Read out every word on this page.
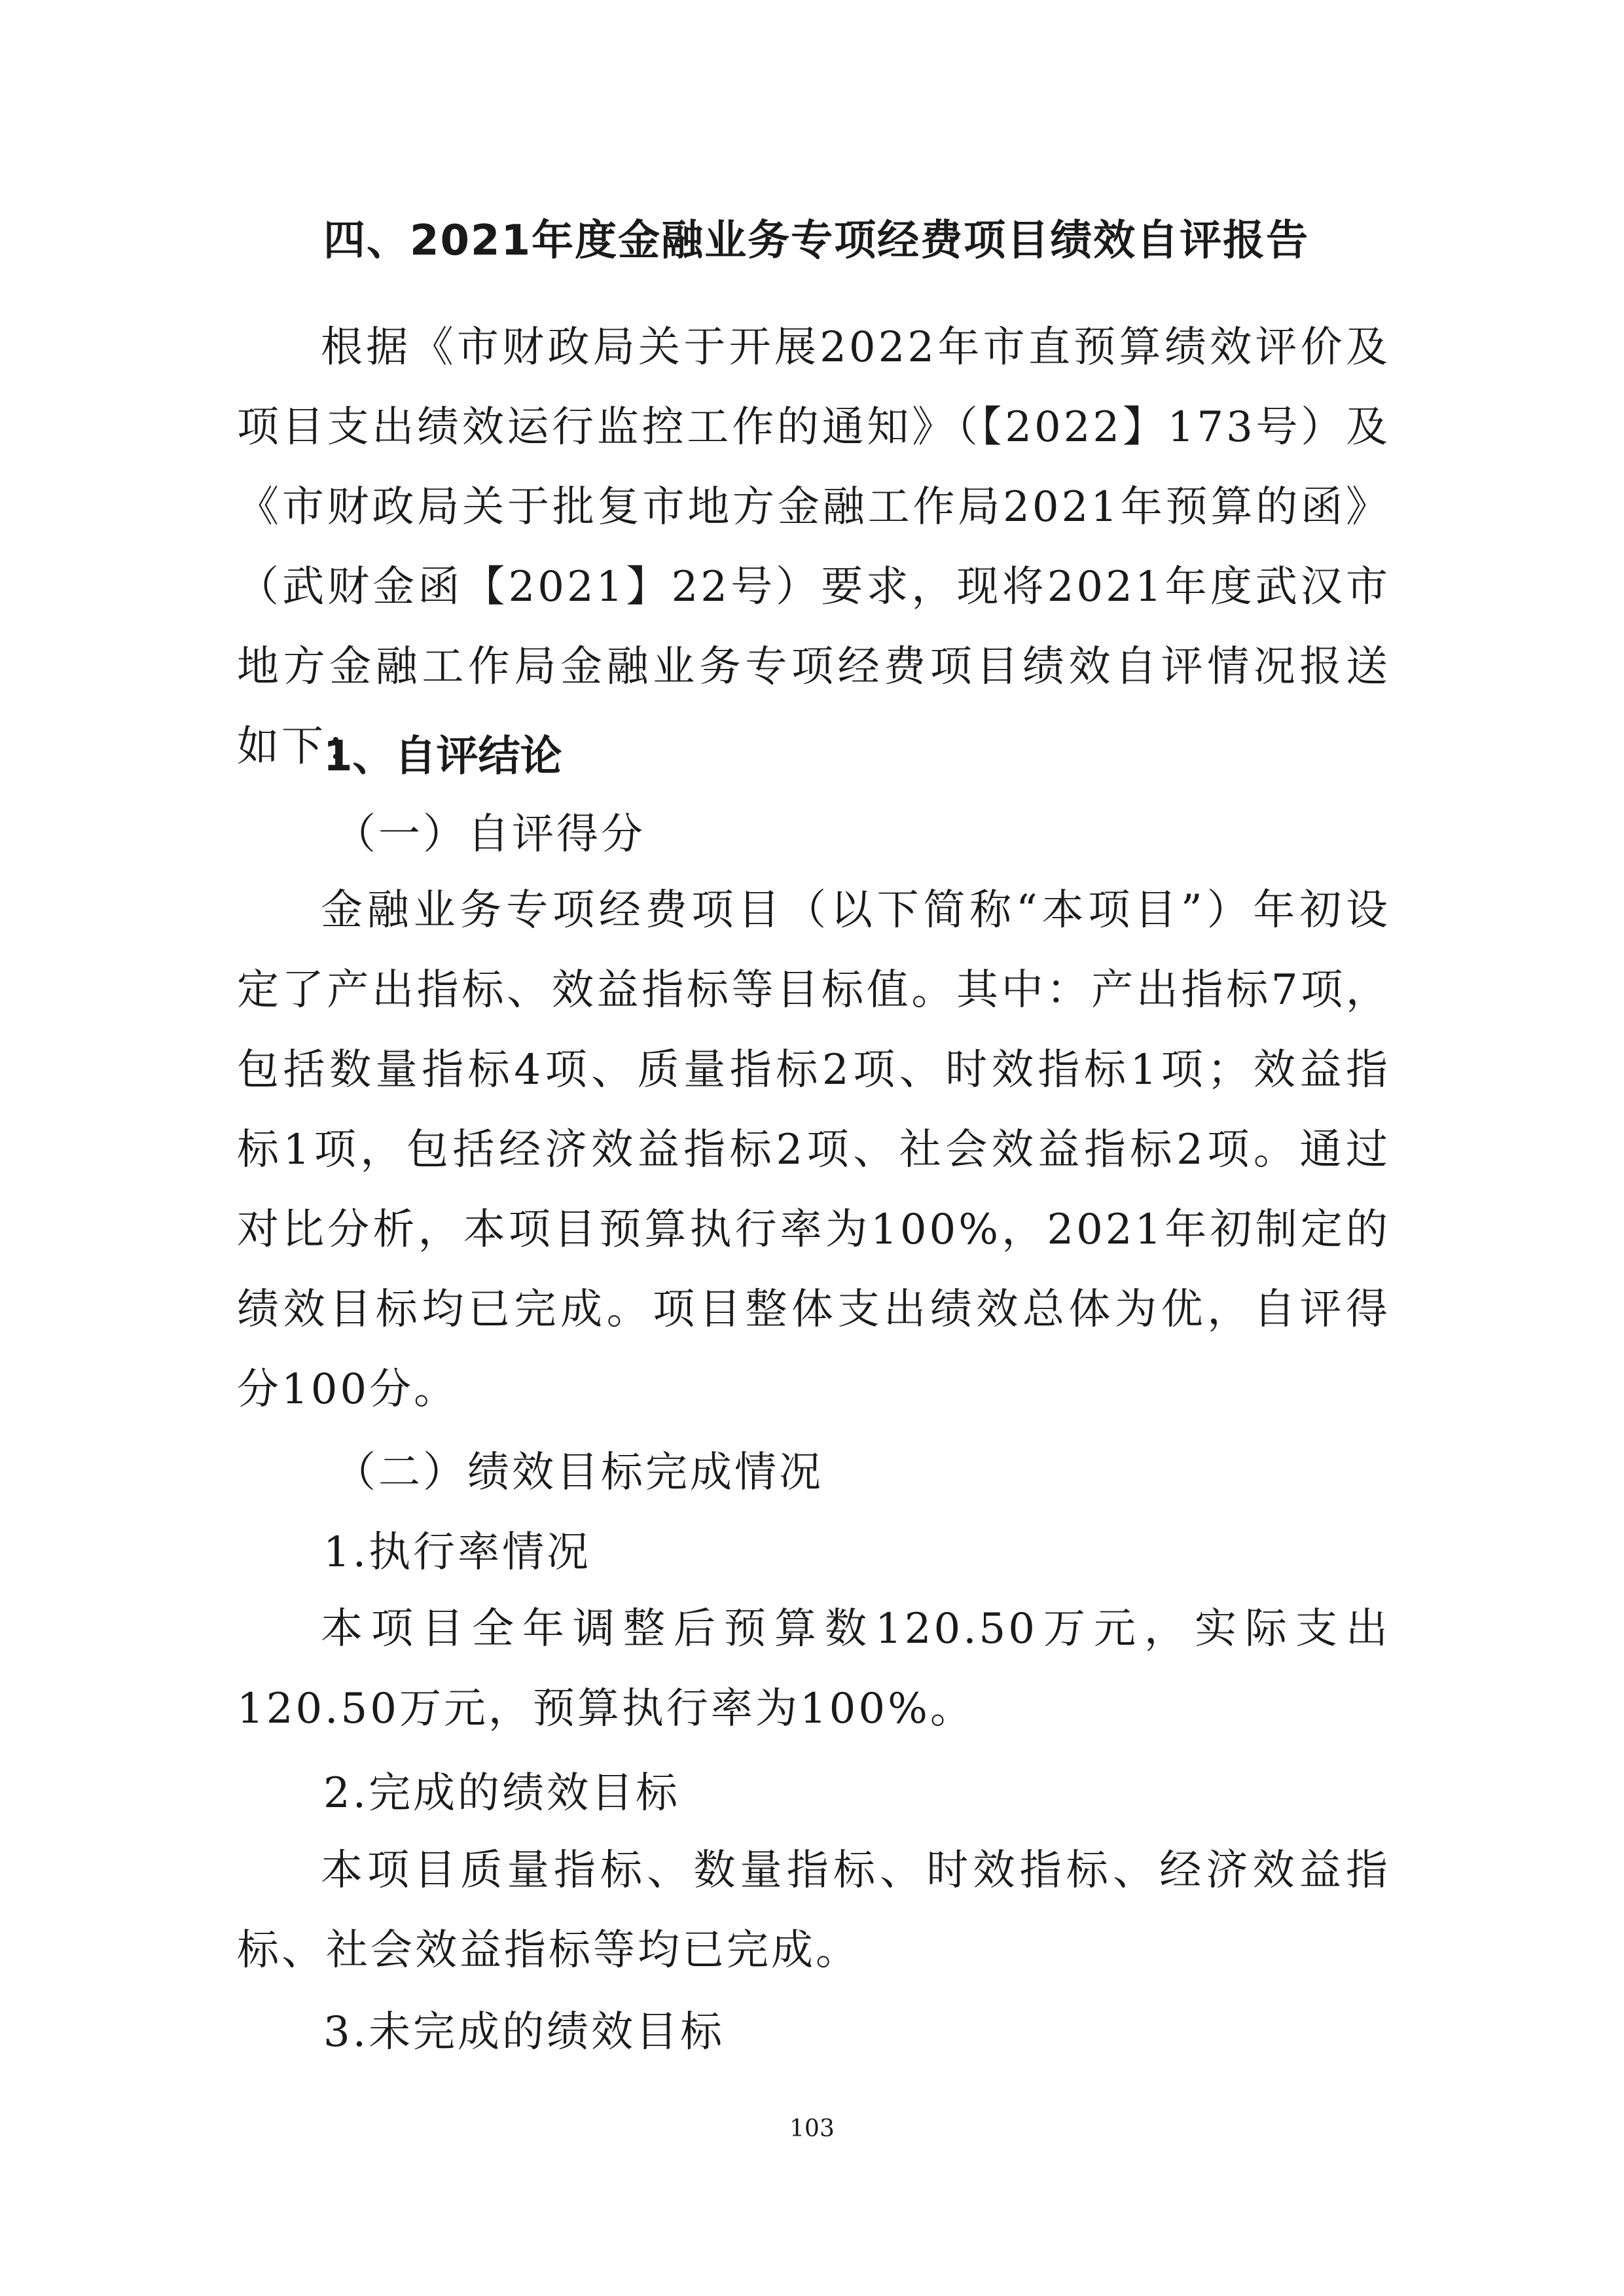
四、2021年度金融业务专项经费项目绩效自评报告

根据《市财政局关于开展2022年市直预算绩效评价及项目支出绩效运行监控工作的通知》（【2022】173号）及《市财政局关于批复市地方金融工作局2021年预算的函》（武财金函【2021】22号）要求，现将2021年度武汉市地方金融工作局金融业务专项经费项目绩效自评情况报送如下：

1、自评结论
（一）自评得分

金融业务专项经费项目（以下简称“本项目”）年初设定了产出指标、效益指标等目标值。其中：产出指标7项，包括数量指标4项、质量指标2项、时效指标1项；效益指标1项，包括经济效益指标2项、社会效益指标2项。通过对比分析，本项目预算执行率为100%，2021年初制定的绩效目标均已完成。项目整体支出绩效总体为优，自评得分100分。

（二）绩效目标完成情况
1.执行率情况

本项目全年调整后预算数120.50万元，实际支出120.50万元，预算执行率为100%。

2.完成的绩效目标

本项目质量指标、数量指标、时效指标、经济效益指标、社会效益指标等均已完成。

3.未完成的绩效目标
103
